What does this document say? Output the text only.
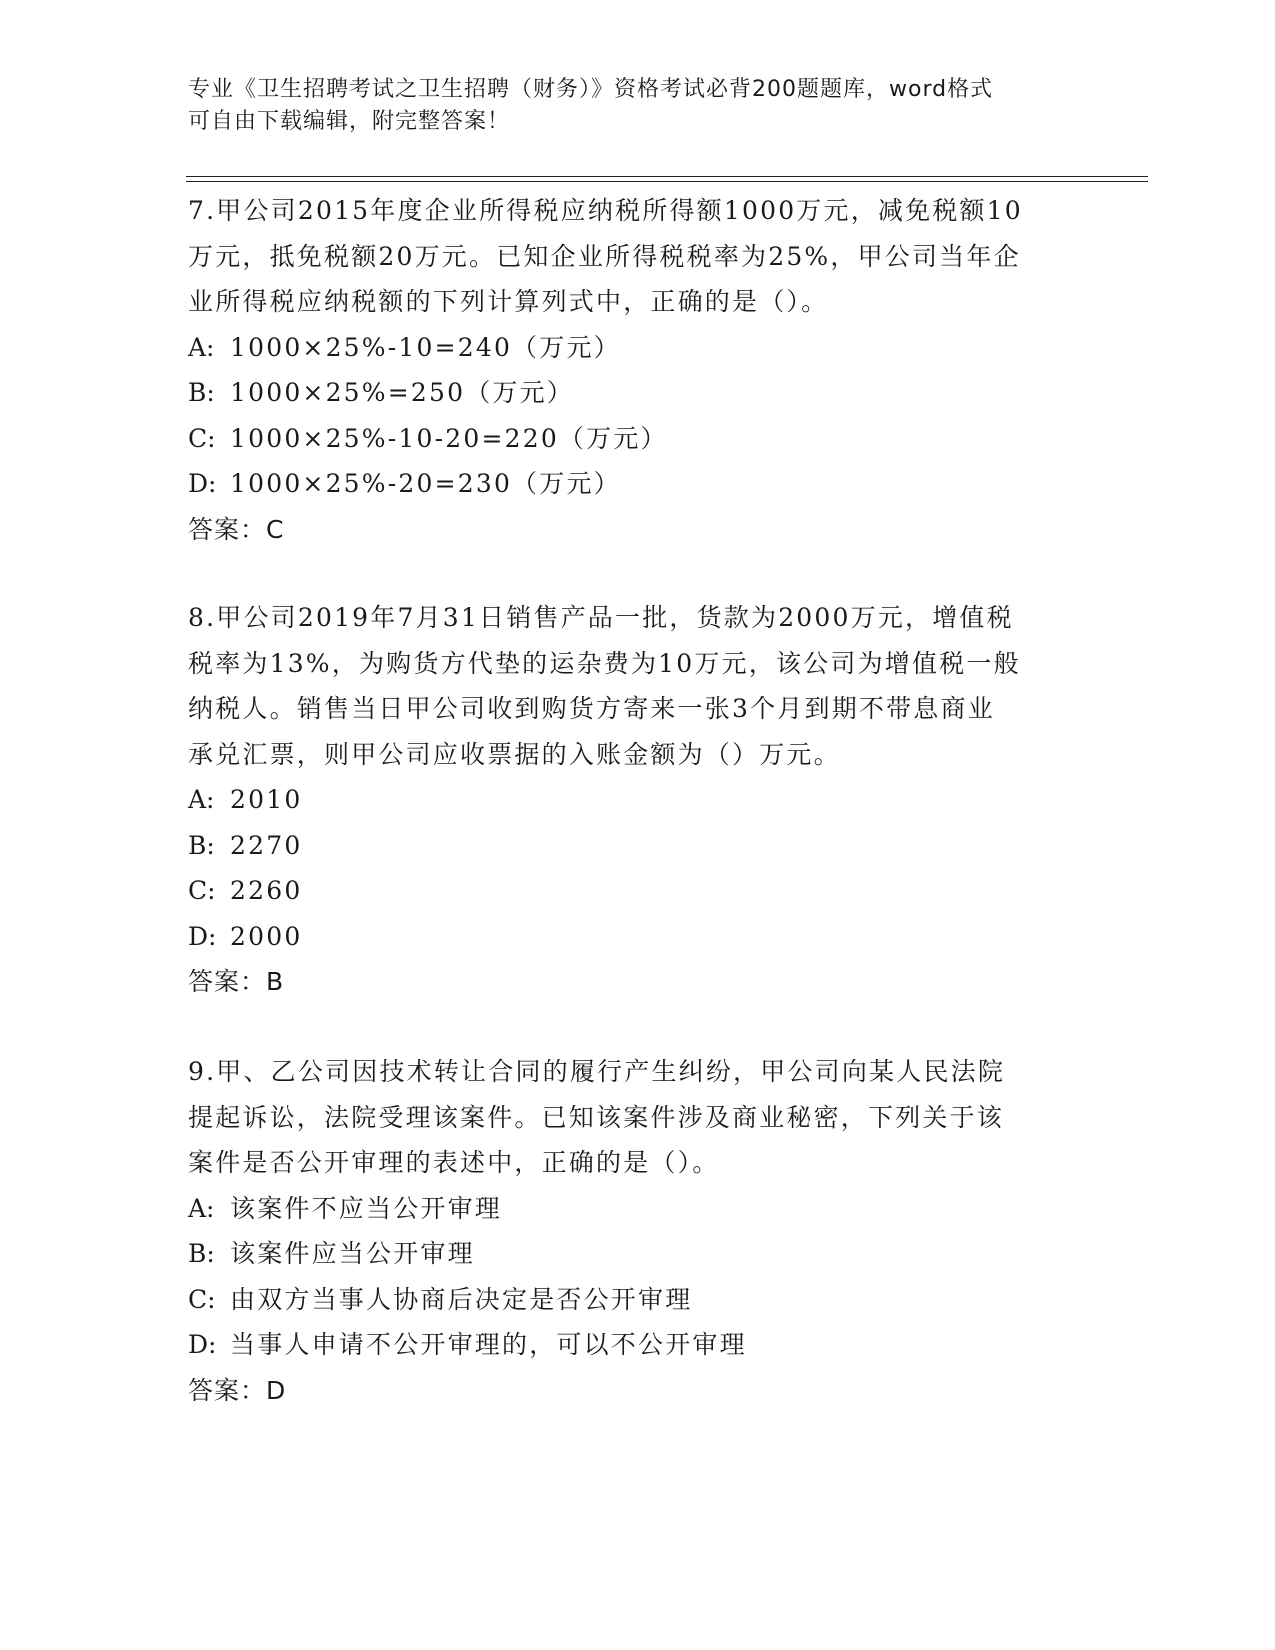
专业《卫生招聘考试之卫生招聘（财务）》资格考试必背200题题库，word格式
可自由下载编辑，附完整答案！

7.甲公司2015年度企业所得税应纳税所得额1000万元，减免税额10

万元，抵免税额20万元。已知企业所得税税率为25%，甲公司当年企

业所得税应纳税额的下列计算列式中，正确的是（）。

A: 1000×25%-10=240（万元）

B: 1000×25%=250（万元）

C: 1000×25%-10-20=220（万元）

D: 1000×25%-20=230（万元）

答案：C

8.甲公司2019年7月31日销售产品一批，货款为2000万元，增值税

税率为13%，为购货方代垫的运杂费为10万元，该公司为增值税一般

纳税人。销售当日甲公司收到购货方寄来一张3个月到期不带息商业

承兑汇票，则甲公司应收票据的入账金额为（）万元。

A: 2010

B: 2270

C: 2260

D: 2000

答案：B

9.甲、乙公司因技术转让合同的履行产生纠纷，甲公司向某人民法院

提起诉讼，法院受理该案件。已知该案件涉及商业秘密，下列关于该

案件是否公开审理的表述中，正确的是（）。

A: 该案件不应当公开审理

B: 该案件应当公开审理

C: 由双方当事人协商后决定是否公开审理

D: 当事人申请不公开审理的，可以不公开审理

答案：D
